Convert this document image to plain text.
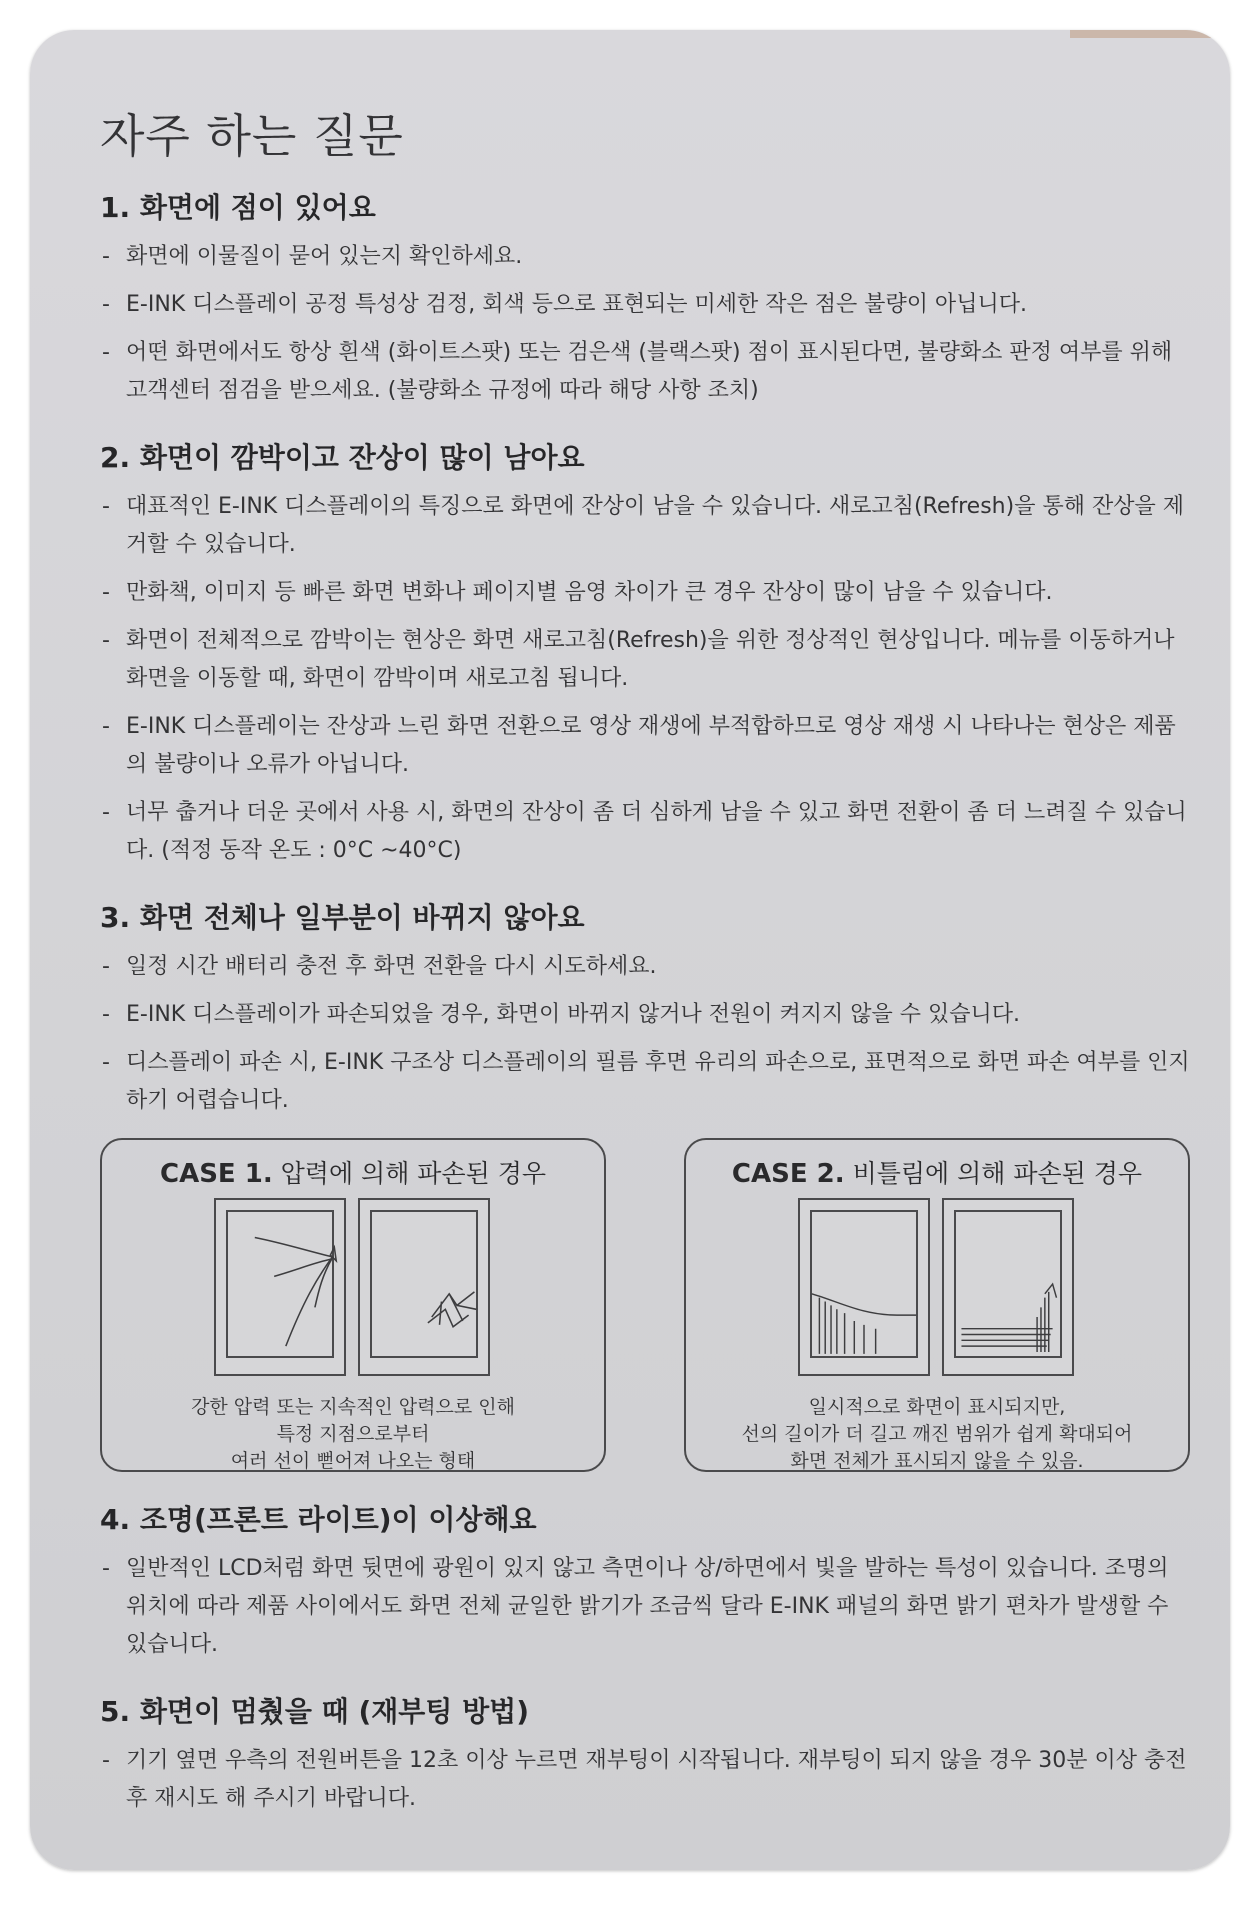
자주 하는 질문
1. 화면에 점이 있어요
- 화면에 이물질이 묻어 있는지 확인하세요.
- E-INK 디스플레이 공정 특성상 검정, 회색 등으로 표현되는 미세한 작은 점은 불량이 아닙니다.
- 어떤 화면에서도 항상 흰색 (화이트스팟) 또는 검은색 (블랙스팟) 점이 표시된다면, 불량화소 판정 여부를 위해 고객센터 점검을 받으세요. (불량화소 규정에 따라 해당 사항 조치)
2. 화면이 깜박이고 잔상이 많이 남아요
- 대표적인 E-INK 디스플레이의 특징으로 화면에 잔상이 남을 수 있습니다. 새로고침(Refresh)을 통해 잔상을 제거할 수 있습니다.
- 만화책, 이미지 등 빠른 화면 변화나 페이지별 음영 차이가 큰 경우 잔상이 많이 남을 수 있습니다.
- 화면이 전체적으로 깜박이는 현상은 화면 새로고침(Refresh)을 위한 정상적인 현상입니다. 메뉴를 이동하거나 화면을 이동할 때, 화면이 깜박이며 새로고침 됩니다.
- E-INK 디스플레이는 잔상과 느린 화면 전환으로 영상 재생에 부적합하므로 영상 재생 시 나타나는 현상은 제품의 불량이나 오류가 아닙니다.
- 너무 춥거나 더운 곳에서 사용 시, 화면의 잔상이 좀 더 심하게 남을 수 있고 화면 전환이 좀 더 느려질 수 있습니다. (적정 동작 온도 : 0°C ~40°C)
3. 화면 전체나 일부분이 바뀌지 않아요
- 일정 시간 배터리 충전 후 화면 전환을 다시 시도하세요.
- E-INK 디스플레이가 파손되었을 경우, 화면이 바뀌지 않거나 전원이 켜지지 않을 수 있습니다.
- 디스플레이 파손 시, E-INK 구조상 디스플레이의 필름 후면 유리의 파손으로, 표면적으로 화면 파손 여부를 인지하기 어렵습니다.
CASE 1. 압력에 의해 파손된 경우
강한 압력 또는 지속적인 압력으로 인해
특정 지점으로부터
여러 선이 뻗어져 나오는 형태
CASE 2. 비틀림에 의해 파손된 경우
일시적으로 화면이 표시되지만,
선의 길이가 더 길고 깨진 범위가 쉽게 확대되어
화면 전체가 표시되지 않을 수 있음.
4. 조명(프론트 라이트)이 이상해요
- 일반적인 LCD처럼 화면 뒷면에 광원이 있지 않고 측면이나 상/하면에서 빛을 발하는 특성이 있습니다. 조명의 위치에 따라 제품 사이에서도 화면 전체 균일한 밝기가 조금씩 달라 E-INK 패널의 화면 밝기 편차가 발생할 수 있습니다.
5. 화면이 멈췄을 때 (재부팅 방법)
- 기기 옆면 우측의 전원버튼을 12초 이상 누르면 재부팅이 시작됩니다. 재부팅이 되지 않을 경우 30분 이상 충전 후 재시도 해 주시기 바랍니다.
